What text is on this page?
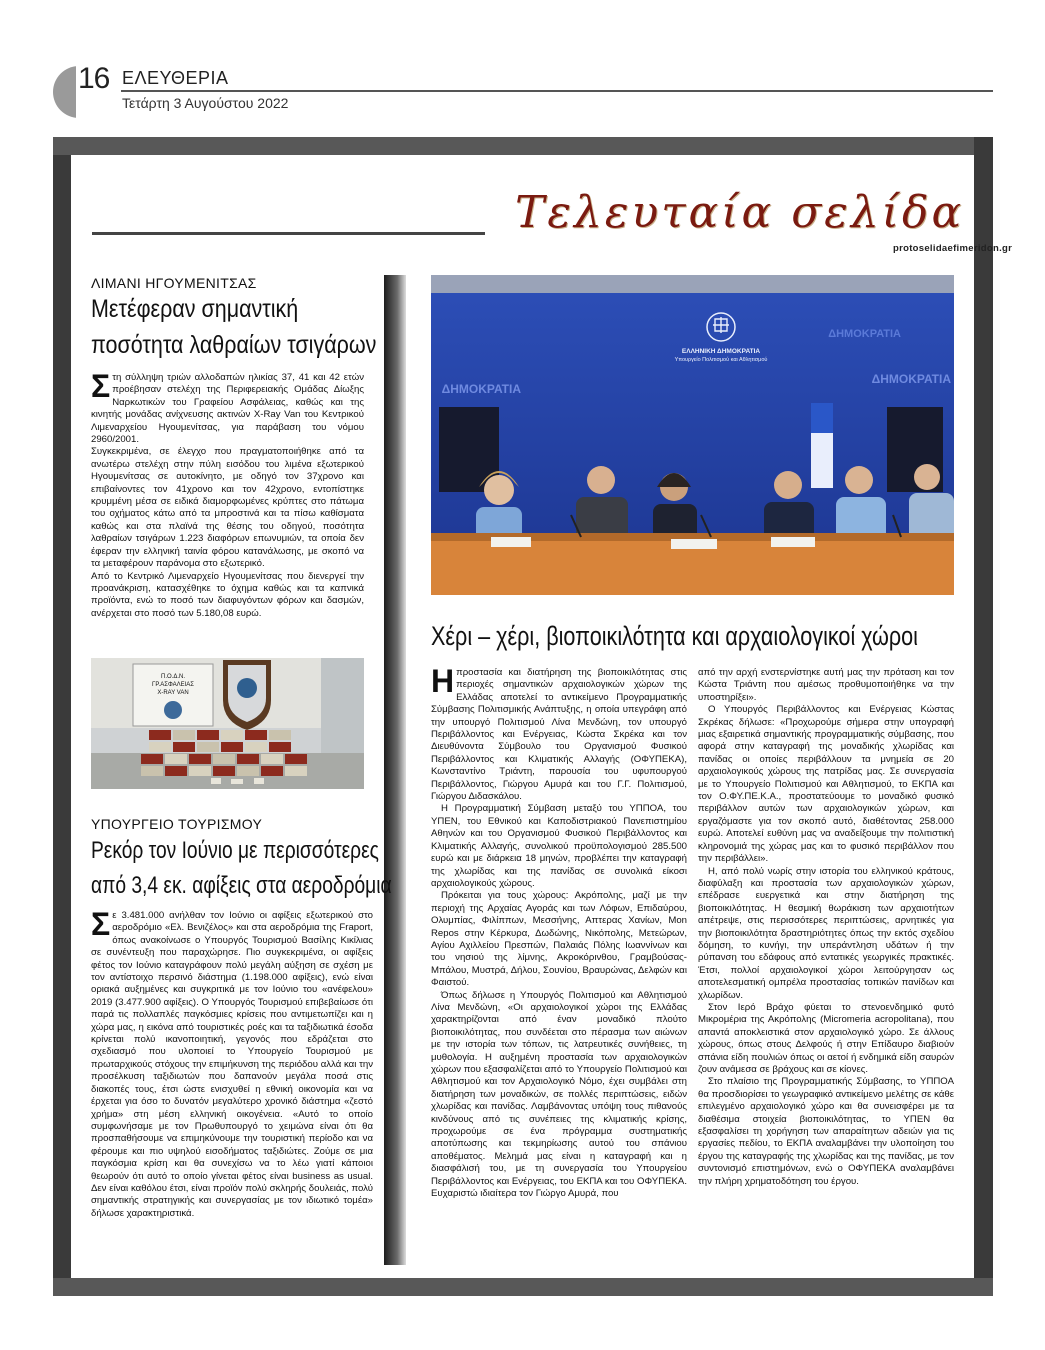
16 ΕΛΕΥΘΕΡΙΑ
Τετάρτη 3 Αυγούστου 2022
Τελευταία σελίδα
protoselidaefimeridon.gr
ΛΙΜΑΝΙ ΗΓΟΥΜΕΝΙΤΣΑΣ
Μετέφεραν σημαντική
ποσότητα λαθραίων τσιγάρων
Σ τη σύλληψη τριών αλλοδαπών ηλικίας 37, 41 και 42 ετών προέβησαν στελέχη της Περιφερειακής Ομάδας Δίωξης Ναρκωτικών του Γραφείου Ασφάλειας, καθώς και της κινητής μονάδας ανίχνευσης ακτινών X-Ray Van του Κεντρικού Λιμεναρχείου Ηγουμενίτσας, για παράβαση του νόμου 2960/2001.

Συγκεκριμένα, σε έλεγχο που πραγματοποιήθηκε από τα ανωτέρω στελέχη στην πύλη εισόδου του λιμένα εξωτερικού Ηγουμενίτσας σε αυτοκίνητο, με οδηγό τον 37χρονο και επιβαίνοντες τον 41χρονο και τον 42χρονο, εντοπίστηκε κρυμμένη μέσα σε ειδικά διαμορφωμένες κρύπτες στο πάτωμα του οχήματος κάτω από τα μπροστινά και τα πίσω καθίσματα καθώς και στα πλαϊνά της θέσης του οδηγού, ποσότητα λαθραίων τσιγάρων 1.223 διαφόρων επωνυμιών, τα οποία δεν έφεραν την ελληνική ταινία φόρου κατανάλωσης, με σκοπό να τα μεταφέρουν παράνομα στο εξωτερικό.

Από το Κεντρικό Λιμεναρχείο Ηγουμενίτσας που διενεργεί την προανάκριση, κατασχέθηκε το όχημα καθώς και τα καπνικά προϊόντα, ενώ το ποσό των διαφυγόντων φόρων και δασμών, ανέρχεται στο ποσό των 5.180,08 ευρώ.

Π.Ο.Δ.Ν.
ΓΡ.ΑΣΦΑΛΕΙΑΣ
X-RAY VAN
ΥΠΟΥΡΓΕΙΟ ΤΟΥΡΙΣΜΟΥ
Ρεκόρ τον Ιούνιο με περισσότερες
από 3,4 εκ. αφίξεις στα αεροδρόμια
Σ ε 3.481.000 ανήλθαν τον Ιούνιο οι αφίξεις εξωτερικού στο αεροδρόμιο «Ελ. Βενιζέλος» και στα αεροδρόμια της Fraport, όπως ανακοίνωσε ο Υπουργός Τουρισμού Βασίλης Κικίλιας σε συνέντευξη που παραχώρησε. Πιο συγκεκριμένα, οι αφίξεις φέτος τον Ιούνιο καταγράφουν πολύ μεγάλη αύξηση σε σχέση με τον αντίστοιχο περσινό διάστημα (1.198.000 αφίξεις), ενώ είναι οριακά αυξημένες και συγκριτικά με τον Ιούνιο του «ανέφελου» 2019 (3.477.900 αφίξεις). Ο Υπουργός Τουρισμού επιβεβαίωσε ότι παρά τις πολλαπλές παγκόσμιες κρίσεις που αντιμετωπίζει και η χώρα μας, η εικόνα από τουριστικές ροές και τα ταξιδιωτικά έσοδα κρίνεται πολύ ικανοποιητική, γεγονός που εδράζεται στο σχεδιασμό που υλοποιεί το Υπουργείο Τουρισμού με πρωταρχικούς στόχους την επιμήκυνση της περιόδου αλλά και την προσέλκυση ταξιδιωτών που δαπανούν μεγάλα ποσά στις διακοπές τους, έτσι ώστε ενισχυθεί η εθνική οικονομία και να έρχεται για όσο το δυνατόν μεγαλύτερο χρονικό διάστημα «ζεστό χρήμα» στη μέση ελληνική οικογένεια. «Αυτό το οποίο συμφωνήσαμε με τον Πρωθυπουργό το χειμώνα είναι ότι θα προσπαθήσουμε να επιμηκύνουμε την τουριστική περίοδο και να φέρουμε και πιο υψηλού εισοδήματος ταξιδιώτες. Ζούμε σε μια παγκόσμια κρίση και θα συνεχίσω να το λέω γιατί κάποιοι θεωρούν ότι αυτό το οποίο γίνεται φέτος είναι business as usual. Δεν είναι καθόλου έτσι, είναι προϊόν πολύ σκληρής δουλειάς, πολύ σημαντικής στρατηγικής και συνεργασίας με τον ιδιωτικό τομέα» δήλωσε χαρακτηριστικά.

ΔΗΜΟΚΡΑΤΙΑ
ΔΗΜΟΚΡΑΤΙΑ
ΔΗΜΟΚΡΑΤΙΑ
ΕΛΛΗΝΙΚΗ ΔΗΜΟΚΡΑΤΙΑ
Υπουργείο Πολιτισμού και Αθλητισμού
Χέρι – χέρι, βιοποικιλότητα και αρχαιολογικοί χώροι
Η προστασία και διατήρηση της βιοποικιλότητας στις περιοχές σημαντικών αρχαιολογικών χώρων της Ελλάδας αποτελεί το αντικείμενο Προγραμματικής Σύμβασης Πολιτισμικής Ανάπτυξης, η οποία υπεγράφη από την υπουργό Πολιτισμού Λίνα Μενδώνη, τον υπουργό Περιβάλλοντος και Ενέργειας, Κώστα Σκρέκα και τον Διευθύνοντα Σύμβουλο του Οργανισμού Φυσικού Περιβάλλοντος και Κλιματικής Αλλαγής (ΟΦΥΠΕΚΑ), Κωνσταντίνο Τριάντη, παρουσία του υφυπουργού Περιβάλλοντος, Γιώργου Αμυρά και του Γ.Γ. Πολιτισμού, Γιώργου Διδασκάλου.

Η Προγραμματική Σύμβαση μεταξύ του ΥΠΠΟΑ, του ΥΠΕΝ, του Εθνικού και Καποδιστριακού Πανεπιστημίου Αθηνών και του Οργανισμού Φυσικού Περιβάλλοντος και Κλιματικής Αλλαγής, συνολικού προϋπολογισμού 285.500 ευρώ και με διάρκεια 18 μηνών, προβλέπει την καταγραφή της χλωρίδας και της πανίδας σε συνολικά είκοσι αρχαιολογικούς χώρους.

Πρόκειται για τους χώρους: Ακρόπολης, μαζί με την περιοχή της Αρχαίας Αγοράς και των Λόφων, Επιδαύρου, Ολυμπίας, Φιλίππων, Μεσσήνης, Απτερας Χανίων, Mon Repos στην Κέρκυρα, Δωδώνης, Νικόπολης, Μετεώρων, Αγίου Αχιλλείου Πρεσπών, Παλαιάς Πόλης Ιωαννίνων και του νησιού της λίμνης, Ακροκόρινθου, Γραμβούσας-Μπάλου, Μυστρά, Δήλου, Σουνίου, Βραυρώνας, Δελφών και Φαιστού.

Όπως δήλωσε η Υπουργός Πολιτισμού και Αθλητισμού Λίνα Μενδώνη, «Οι αρχαιολογικοί χώροι της Ελλάδας χαρακτηρίζονται από έναν μοναδικό πλούτο βιοποικιλότητας, που συνδέεται στο πέρασμα των αιώνων με την ιστορία των τόπων, τις λατρευτικές συνήθειες, τη μυθολογία. Η αυξημένη προστασία των αρχαιολογικών χώρων που εξασφαλίζεται από το Υπουργείο Πολιτισμού και Αθλητισμού και τον Αρχαιολογικό Νόμο, έχει συμβάλει στη διατήρηση των μοναδικών, σε πολλές περιπτώσεις, ειδών χλωρίδας και πανίδας. Λαμβάνοντας υπόψη τους πιθανούς κινδύνους από τις συνέπειες της κλιματικής κρίσης, προχωρούμε σε ένα πρόγραμμα συστηματικής αποτύπωσης και τεκμηρίωσης αυτού του σπάνιου αποθέματος. Μελημά μας είναι η καταγραφή και η διασφάλισή του, με τη συνεργασία του Υπουργείου Περιβάλλοντος και Ενέργειας, του ΕΚΠΑ και του ΟΦΥΠΕΚΑ. Ευχαριστώ ιδιαίτερα τον Γιώργο Αμυρά, που

από την αρχή ενστερνίστηκε αυτή μας την πρόταση και τον Κώστα Τριάντη που αμέσως προθυμοποιήθηκε να την υποστηρίξει».

Ο Υπουργός Περιβάλλοντος και Ενέργειας Κώστας Σκρέκας δήλωσε: «Προχωρούμε σήμερα στην υπογραφή μιας εξαιρετικά σημαντικής προγραμματικής σύμβασης, που αφορά στην καταγραφή της μοναδικής χλωρίδας και πανίδας οι οποίες περιβάλλουν τα μνημεία σε 20 αρχαιολογικούς χώρους της πατρίδας μας. Σε συνεργασία με το Υπουργείο Πολιτισμού και Αθλητισμού, το ΕΚΠΑ και τον Ο.ΦΥ.ΠΕ.Κ.Α., προστατεύουμε το μοναδικό φυσικό περιβάλλον αυτών των αρχαιολογικών χώρων, και εργαζόμαστε για τον σκοπό αυτό, διαθέτοντας 258.000 ευρώ. Αποτελεί ευθύνη μας να αναδείξουμε την πολιτιστική κληρονομιά της χώρας μας και το φυσικό περιβάλλον που την περιβάλλει».

Η, από πολύ νωρίς στην ιστορία του ελληνικού κράτους, διαφύλαξη και προστασία των αρχαιολογικών χώρων, επέδρασε ευεργετικά και στην διατήρηση της βιοποικιλότητας. Η θεσμική θωράκιση των αρχαιοτήτων απέτρεψε, στις περισσότερες περιπτώσεις, αρνητικές για την βιοποικιλότητα δραστηριότητες όπως την εκτός σχεδίου δόμηση, το κυνήγι, την υπεράντληση υδάτων ή την ρύπανση του εδάφους από εντατικές γεωργικές πρακτικές. Έτσι, πολλοί αρχαιολογικοί χώροι λειτούργησαν ως αποτελεσματική ομπρέλα προστασίας τοπικών πανίδων και χλωρίδων.

Στον Ιερό Βράχο φύεται το στενοενδημικό φυτό Μικρομέρια της Ακρόπολης (Micromeria acropolitana), που απαντά αποκλειστικά στον αρχαιολογικό χώρο. Σε άλλους χώρους, όπως στους Δελφούς ή στην Επίδαυρο διαβιούν σπάνια είδη πουλιών όπως οι αετοί ή ενδημικά είδη σαυρών ζουν ανάμεσα σε βράχους και σε κίονες.

Στο πλαίσιο της Προγραμματικής Σύμβασης, το ΥΠΠΟΑ θα προσδιορίσει το γεωγραφικό αντικείμενο μελέτης σε κάθε επιλεγμένο αρχαιολογικό χώρο και θα συνεισφέρει με τα διαθέσιμα στοιχεία βιοποικιλότητας, το ΥΠΕΝ θα εξασφαλίσει τη χορήγηση των απαραίτητων αδειών για τις εργασίες πεδίου, το ΕΚΠΑ αναλαμβάνει την υλοποίηση του έργου της καταγραφής της χλωρίδας και της πανίδας, με τον συντονισμό επιστημόνων, ενώ ο ΟΦΥΠΕΚΑ αναλαμβάνει την πλήρη χρηματοδότηση του έργου.
